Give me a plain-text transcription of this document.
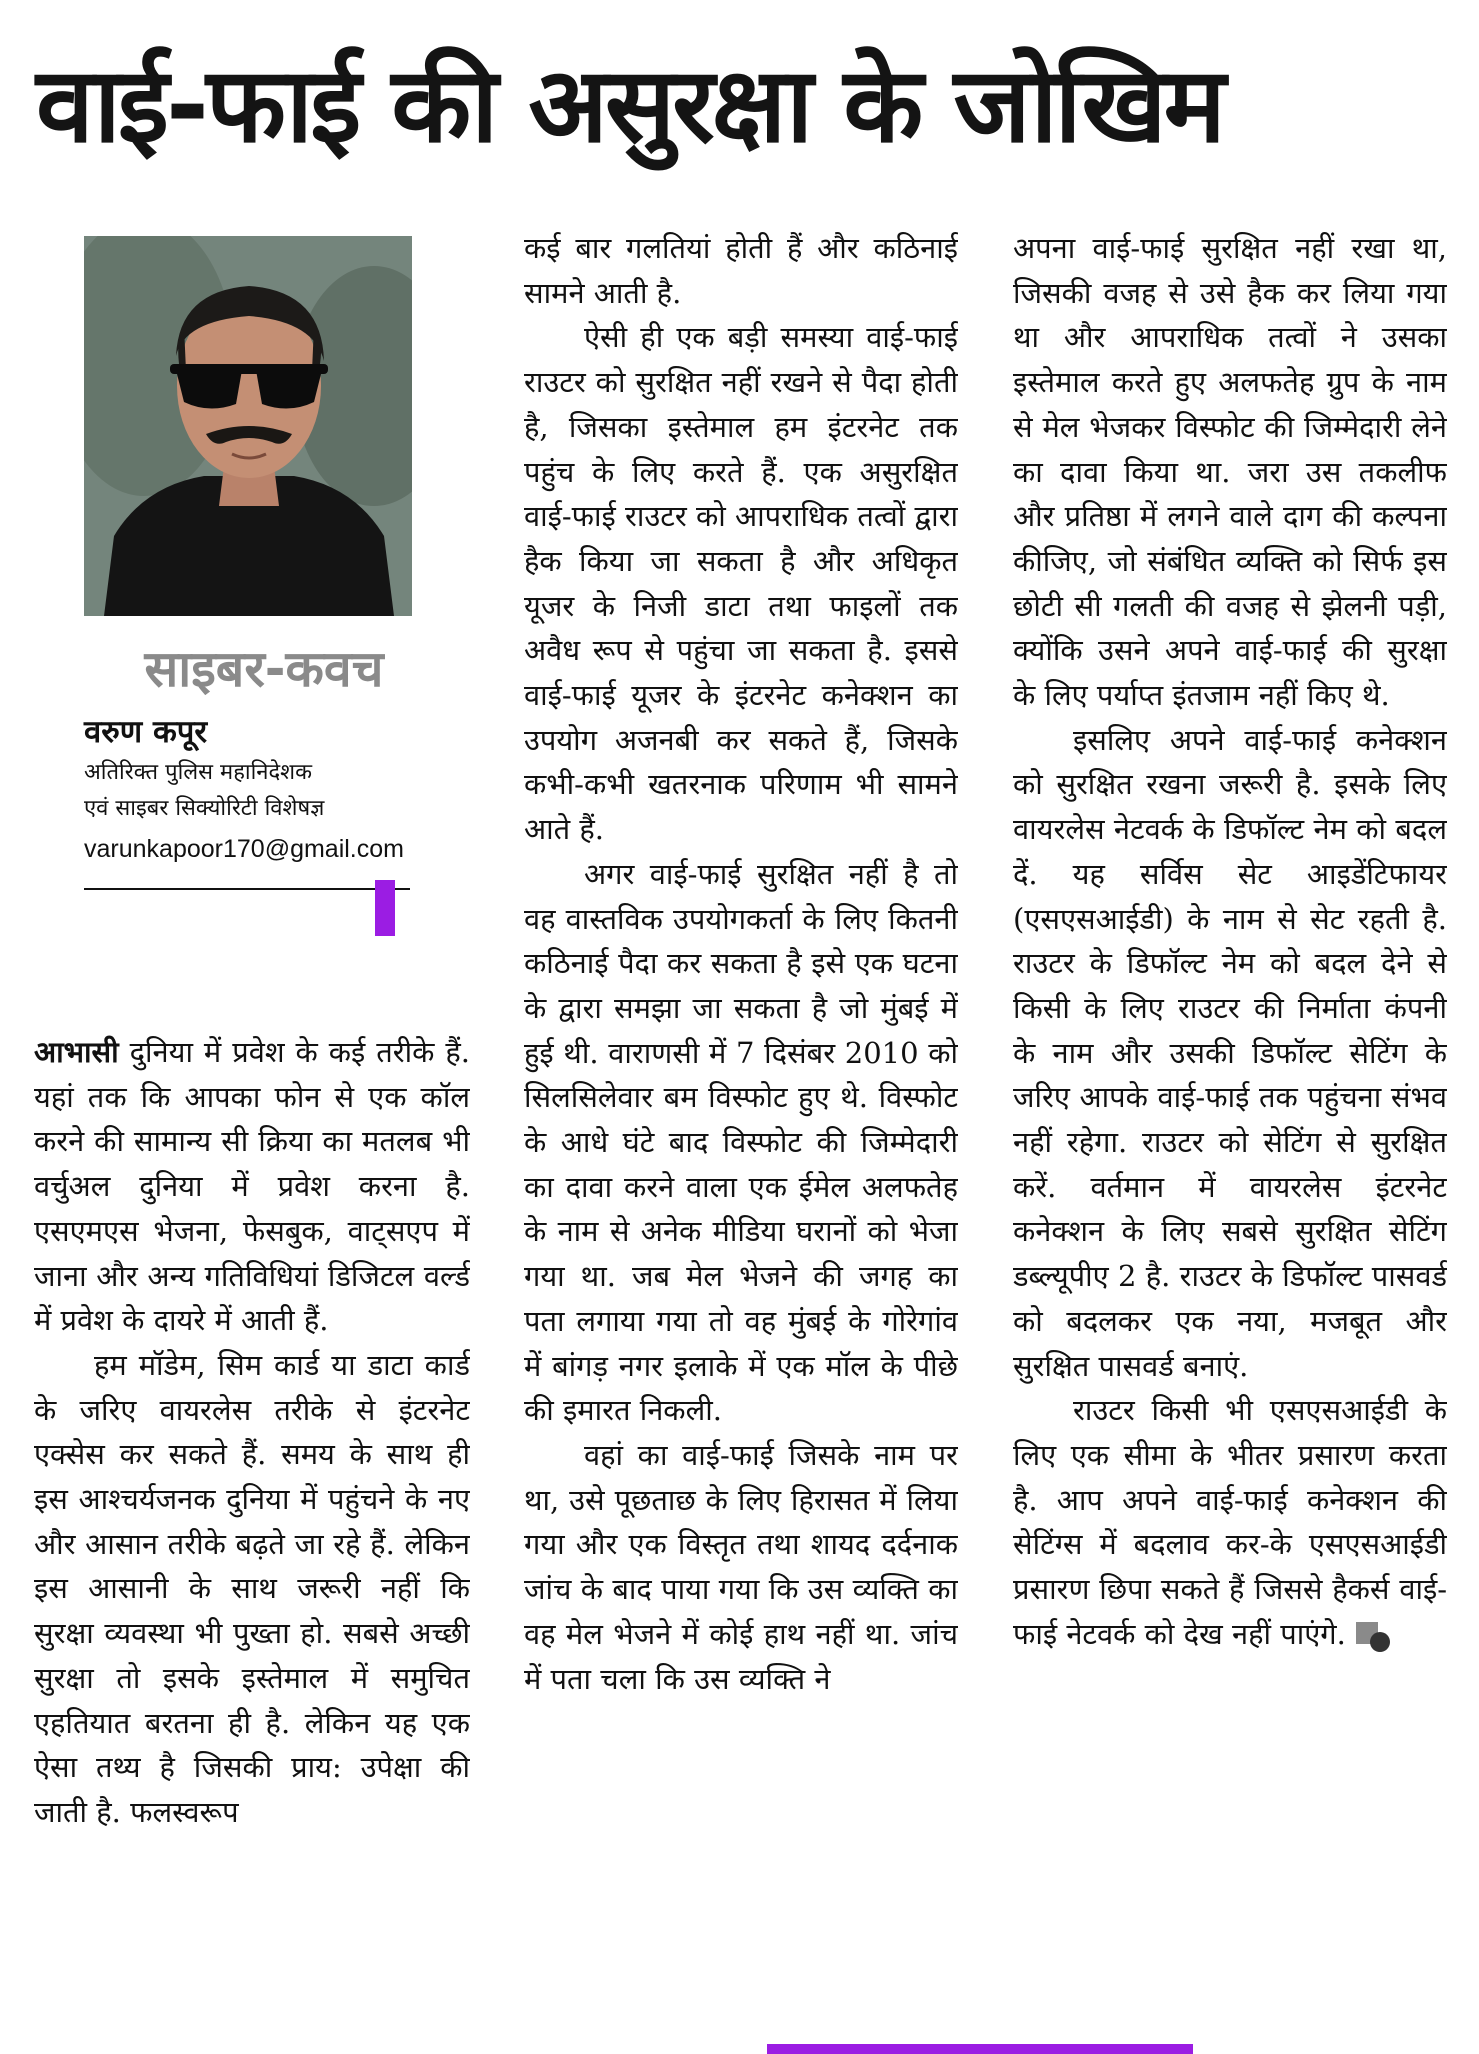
वाई-फाई की असुरक्षा के जोखिम
साइबर-कवच
वरुण कपूर
अतिरिक्त पुलिस महानिदेशक
एवं साइबर सिक्योरिटी विशेषज्ञ
varunkapoor170@gmail.com

आभासी दुनिया में प्रवेश के कई तरीके हैं. यहां तक कि आपका फोन से एक कॉल करने की सामान्य सी क्रिया का मतलब भी वर्चुअल दुनिया में प्रवेश करना है. एसएमएस भेजना, फेसबुक, वाट्सएप में जाना और अन्य गतिविधियां डिजिटल वर्ल्ड में प्रवेश के दायरे में आती हैं.

हम मॉडेम, सिम कार्ड या डाटा कार्ड के जरिए वायरलेस तरीके से इंटरनेट एक्सेस कर सकते हैं. समय के साथ ही इस आश्चर्यजनक दुनिया में पहुंचने के नए और आसान तरीके बढ़ते जा रहे हैं. लेकिन इस आसानी के साथ जरूरी नहीं कि सुरक्षा व्यवस्था भी पुख्ता हो. सबसे अच्छी सुरक्षा तो इसके इस्तेमाल में समुचित एहतियात बरतना ही है. लेकिन यह एक ऐसा तथ्य है जिसकी प्राय: उपेक्षा की जाती है. फलस्वरूप

कई बार गलतियां होती हैं और कठिनाई सामने आती है.

ऐसी ही एक बड़ी समस्या वाई-फाई राउटर को सुरक्षित नहीं रखने से पैदा होती है, जिसका इस्तेमाल हम इंटरनेट तक पहुंच के लिए करते हैं. एक असुरक्षित वाई-फाई राउटर को आपराधिक तत्वों द्वारा हैक किया जा सकता है और अधिकृत यूजर के निजी डाटा तथा फाइलों तक अवैध रूप से पहुंचा जा सकता है. इससे वाई-फाई यूजर के इंटरनेट कनेक्शन का उपयोग अजनबी कर सकते हैं, जिसके कभी-कभी खतरनाक परिणाम भी सामने आते हैं.

अगर वाई-फाई सुरक्षित नहीं है तो वह वास्तविक उपयोगकर्ता के लिए कितनी कठिनाई पैदा कर सकता है इसे एक घटना के द्वारा समझा जा सकता है जो मुंबई में हुई थी. वाराणसी में 7 दिसंबर 2010 को सिलसिलेवार बम विस्फोट हुए थे. विस्फोट के आधे घंटे बाद विस्फोट की जिम्मेदारी का दावा करने वाला एक ईमेल अलफतेह के नाम से अनेक मीडिया घरानों को भेजा गया था. जब मेल भेजने की जगह का पता लगाया गया तो वह मुंबई के गोरेगांव में बांगड़ नगर इलाके में एक मॉल के पीछे की इमारत निकली.

वहां का वाई-फाई जिसके नाम पर था, उसे पूछताछ के लिए हिरासत में लिया गया और एक विस्तृत तथा शायद दर्दनाक जांच के बाद पाया गया कि उस व्यक्ति का वह मेल भेजने में कोई हाथ नहीं था. जांच में पता चला कि उस व्यक्ति ने

अपना वाई-फाई सुरक्षित नहीं रखा था, जिसकी वजह से उसे हैक कर लिया गया था और आपराधिक तत्वों ने उसका इस्तेमाल करते हुए अलफतेह ग्रुप के नाम से मेल भेजकर विस्फोट की जिम्मेदारी लेने का दावा किया था. जरा उस तकलीफ और प्रतिष्ठा में लगने वाले दाग की कल्पना कीजिए, जो संबंधित व्यक्ति को सिर्फ इस छोटी सी गलती की वजह से झेलनी पड़ी, क्योंकि उसने अपने वाई-फाई की सुरक्षा के लिए पर्याप्त इंतजाम नहीं किए थे.

इसलिए अपने वाई-फाई कनेक्शन को सुरक्षित रखना जरूरी है. इसके लिए वायरलेस नेटवर्क के डिफॉल्ट नेम को बदल दें. यह सर्विस सेट आइडेंटिफायर (एसएसआईडी) के नाम से सेट रहती है. राउटर के डिफॉल्ट नेम को बदल देने से किसी के लिए राउटर की निर्माता कंपनी के नाम और उसकी डिफॉल्ट सेटिंग के जरिए आपके वाई-फाई तक पहुंचना संभव नहीं रहेगा. राउटर को सेटिंग से सुरक्षित करें. वर्तमान में वायरलेस इंटरनेट कनेक्शन के लिए सबसे सुरक्षित सेटिंग डब्ल्यूपीए 2 है. राउटर के डिफॉल्ट पासवर्ड को बदलकर एक नया, मजबूत और सुरक्षित पासवर्ड बनाएं.

राउटर किसी भी एसएसआईडी के लिए एक सीमा के भीतर प्रसारण करता है. आप अपने वाई-फाई कनेक्शन की सेटिंग्स में बदलाव कर-के एसएसआईडी प्रसारण छिपा सकते हैं जिससे हैकर्स वाई-फाई नेटवर्क को देख नहीं पाएंगे.
